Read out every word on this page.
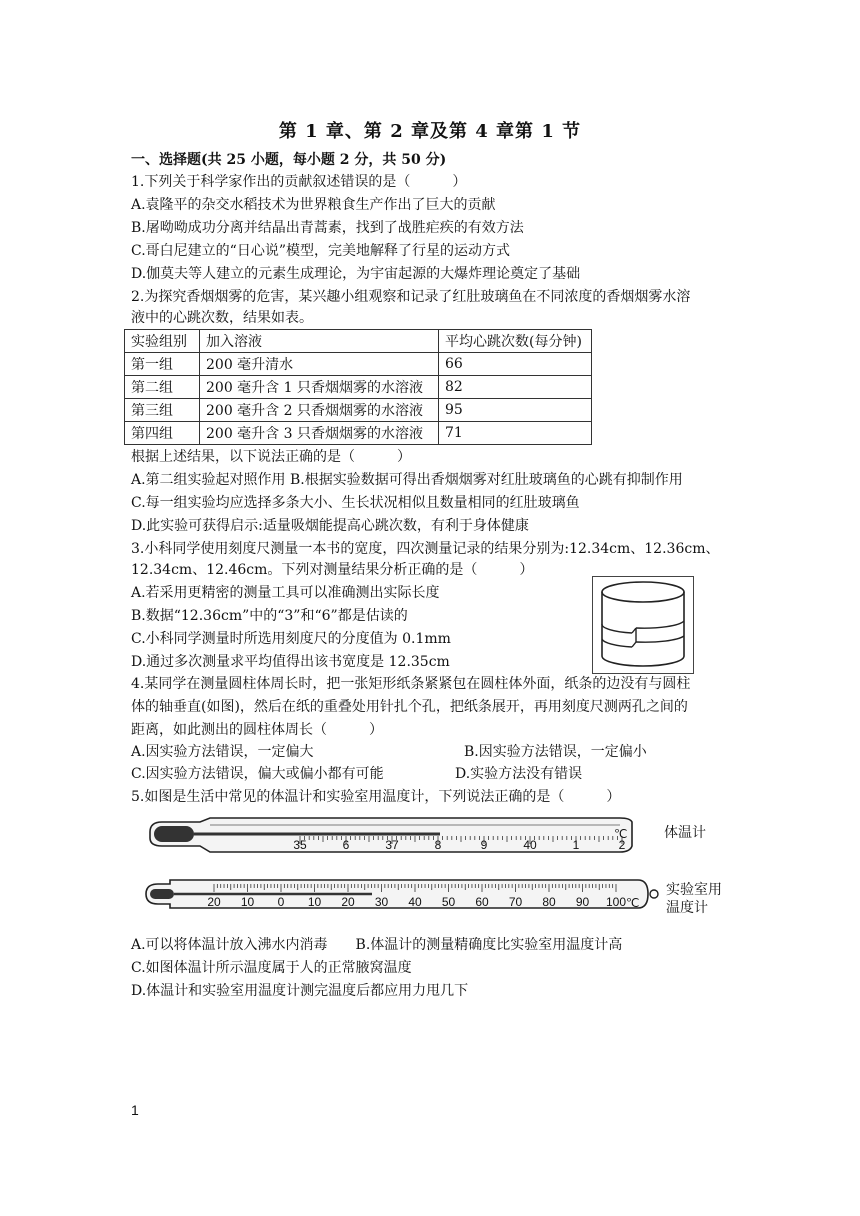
第 1 章、第 2 章及第 4 章第 1 节
一、选择题(共 25 小题，每小题 2 分，共 50 分)
1.下列关于科学家作出的贡献叙述错误的是（　　　）
A.袁隆平的杂交水稻技术为世界粮食生产作出了巨大的贡献
B.屠呦呦成功分离并结晶出青蒿素，找到了战胜疟疾的有效方法
C.哥白尼建立的“日心说”模型，完美地解释了行星的运动方式
D.伽莫夫等人建立的元素生成理论，为宇宙起源的大爆炸理论奠定了基础
2.为探究香烟烟雾的危害，某兴趣小组观察和记录了红肚玻璃鱼在不同浓度的香烟烟雾水溶
液中的心跳次数，结果如表。
实验组别	加入溶液	平均心跳次数(每分钟)
第一组	200 毫升清水	66
第二组	200 毫升含 1 只香烟烟雾的水溶液	82
第三组	200 毫升含 2 只香烟烟雾的水溶液	95
第四组	200 毫升含 3 只香烟烟雾的水溶液	71
根据上述结果，以下说法正确的是（　　　）
A.第二组实验起对照作用 B.根据实验数据可得出香烟烟雾对红肚玻璃鱼的心跳有抑制作用
C.每一组实验均应选择多条大小、生长状况相似且数量相同的红肚玻璃鱼
D.此实验可获得启示:适量吸烟能提高心跳次数，有利于身体健康
3.小科同学使用刻度尺测量一本书的宽度，四次测量记录的结果分别为:12.34cm、12.36cm、
12.34cm、12.46cm。下列对测量结果分析正确的是（　　　）
A.若采用更精密的测量工具可以准确测出实际长度
B.数据“12.36cm”中的“3”和“6”都是估读的
C.小科同学测量时所选用刻度尺的分度值为 0.1mm
D.通过多次测量求平均值得出该书宽度是 12.35cm
4.某同学在测量圆柱体周长时，把一张矩形纸条紧紧包在圆柱体外面，纸条的边没有与圆柱
体的轴垂直(如图)，然后在纸的重叠处用针扎个孔，把纸条展开，再用刻度尺测两孔之间的
距离，如此测出的圆柱体周长（　　　）
A.因实验方法错误，一定偏大	B.因实验方法错误，一定偏小
C.因实验方法错误，偏大或偏小都有可能	D.实验方法没有错误
5.如图是生活中常见的体温计和实验室用温度计，下列说法正确的是（　　　）
35	6	37	8	9	40	1	2
℃	体温计
20 10 0 10 20 30 40 50 60 70 80 90 100 ℃
实验室用
温度计
A.可以将体温计放入沸水内消毒　　B.体温计的测量精确度比实验室用温度计高
C.如图体温计所示温度属于人的正常腋窝温度
D.体温计和实验室用温度计测完温度后都应用力甩几下
1
